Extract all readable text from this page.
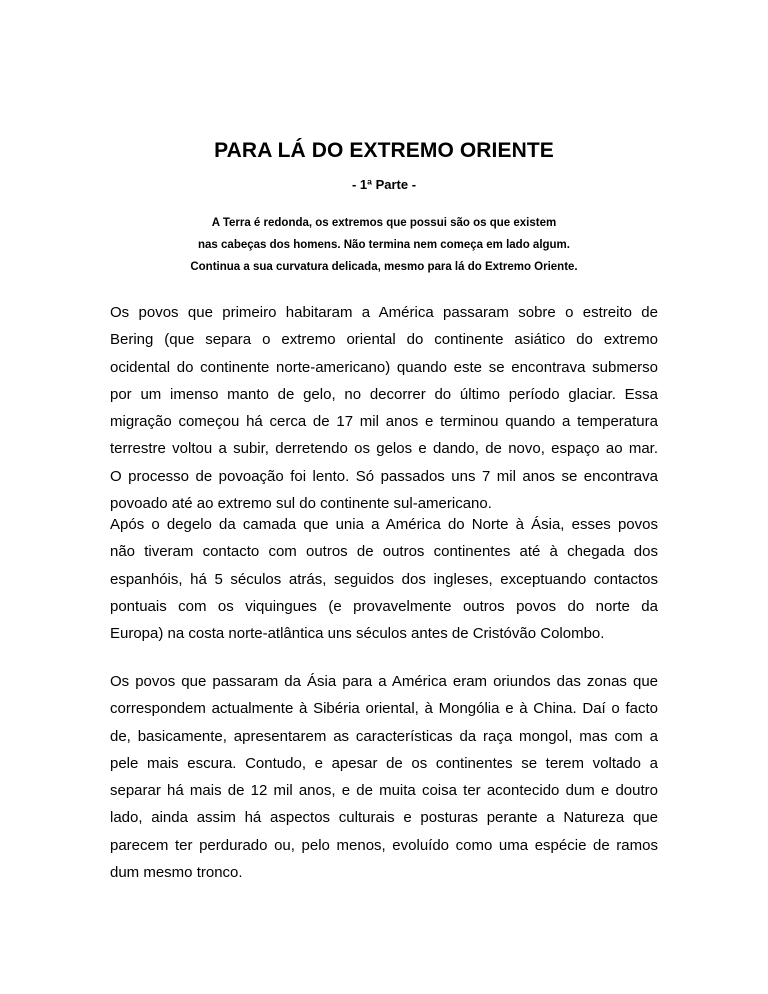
PARA LÁ DO EXTREMO ORIENTE
- 1ª Parte -
A Terra é redonda, os extremos que possui são os que existem
nas cabeças dos homens. Não termina nem começa em lado algum.
Continua a sua curvatura delicada, mesmo para lá do Extremo Oriente.
Os povos que primeiro habitaram a América passaram sobre o estreito de
Bering (que separa o extremo oriental do continente asiático do extremo
ocidental do continente norte-americano) quando este se encontrava submerso
por um imenso manto de gelo, no decorrer do último período glaciar. Essa
migração começou há cerca de 17 mil anos e terminou quando a temperatura
terrestre voltou a subir, derretendo os gelos e dando, de novo, espaço ao mar.
O processo de povoação foi lento. Só passados uns 7 mil anos se encontrava
povoado até ao extremo sul do continente sul-americano.
Após o degelo da camada que unia a América do Norte à Ásia, esses povos
não tiveram contacto com outros de outros continentes até à chegada dos
espanhóis, há 5 séculos atrás, seguidos dos ingleses, exceptuando contactos
pontuais com os viquingues (e provavelmente outros povos do norte da
Europa) na costa norte-atlântica uns séculos antes de Cristóvão Colombo.
Os povos que passaram da Ásia para a América eram oriundos das zonas que
correspondem actualmente à Sibéria oriental, à Mongólia e à China. Daí o facto
de, basicamente, apresentarem as características da raça mongol, mas com a
pele mais escura. Contudo, e apesar de os continentes se terem voltado a
separar há mais de 12 mil anos, e de muita coisa ter acontecido dum e doutro
lado, ainda assim há aspectos culturais e posturas perante a Natureza que
parecem ter perdurado ou, pelo menos, evoluído como uma espécie de ramos
dum mesmo tronco.
